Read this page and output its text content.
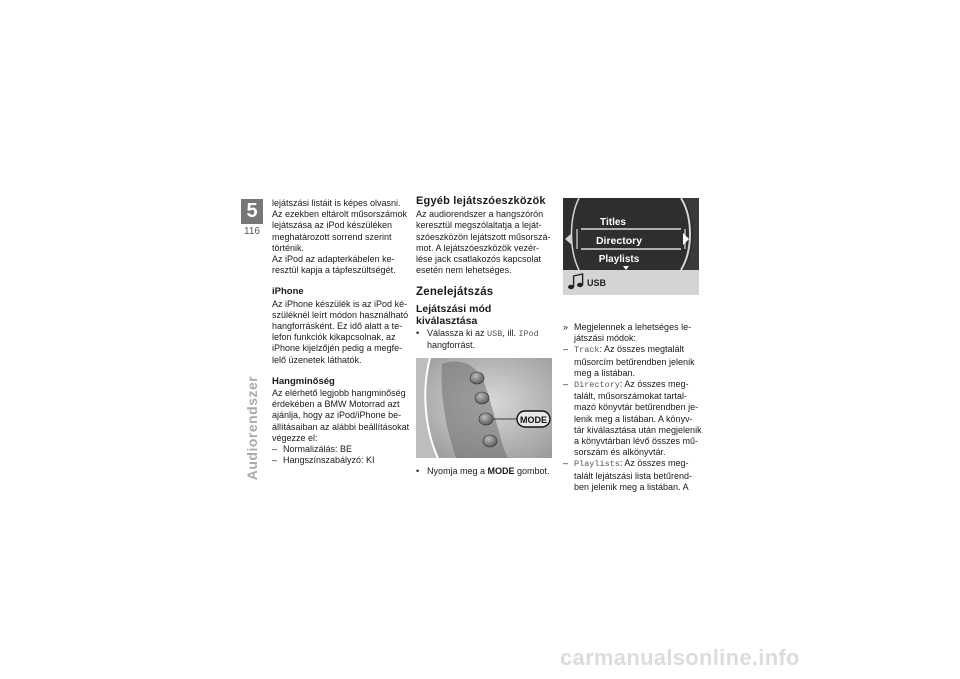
5
116
Audiorendszer

lejátszási listáit is képes olvasni.

Az ezekben eltárolt műsorszámok

lejátszása az iPod készüléken

meghatározott sorrend szerint

történik.

Az iPod az adapterkábelen ke-

resztül kapja a tápfeszültségét.

iPhone

Az iPhone készülék is az iPod ké-

szüléknél leírt módon használható

hangforrásként. Ez idő alatt a te-

lefon funkciók kikapcsolnak, az

iPhone kijelzőjén pedig a megfe-

lelő üzenetek láthatók.

Hangminőség

Az elérhető legjobb hangminőség

érdekében a BMW Motorrad azt

ajánlja, hogy az iPod/iPhone be-

állításaiban az alábbi beállításokat

végezze el:

– Normalizálás: BE

– Hangszínszabályzó: KI

Egyéb lejátszóeszközök

Az audiorendszer a hangszórón

keresztül megszólaltatja a leját-

szóeszközön lejátszott műsorszá-

mot. A lejátszóeszközök vezér-

lése jack csatlakozós kapcsolat

esetén nem lehetséges.

Zenelejátszás

Lejátszási mód

kiválasztása

• Válassza ki az USB, ill. IPod

hangforrást.

MODE

• Nyomja meg a MODE gombot.

Titles
Directory
Playlists
USB

» Megjelennek a lehetséges le-

játszási módok:

– Track: Az összes megtalált

műsorcím betűrendben jelenik

meg a listában.

– Directory: Az összes meg-

talált, műsorszámokat tartal-

mazó könyvtár betűrendben je-

lenik meg a listában. A könyv-

tár kiválasztása után megjelenik

a könyvtárban lévő összes mű-

sorszám és alkönyvtár.

– Playlists: Az összes meg-

talált lejátszási lista betűrend-

ben jelenik meg a listában. A

carmanualsonline.info
